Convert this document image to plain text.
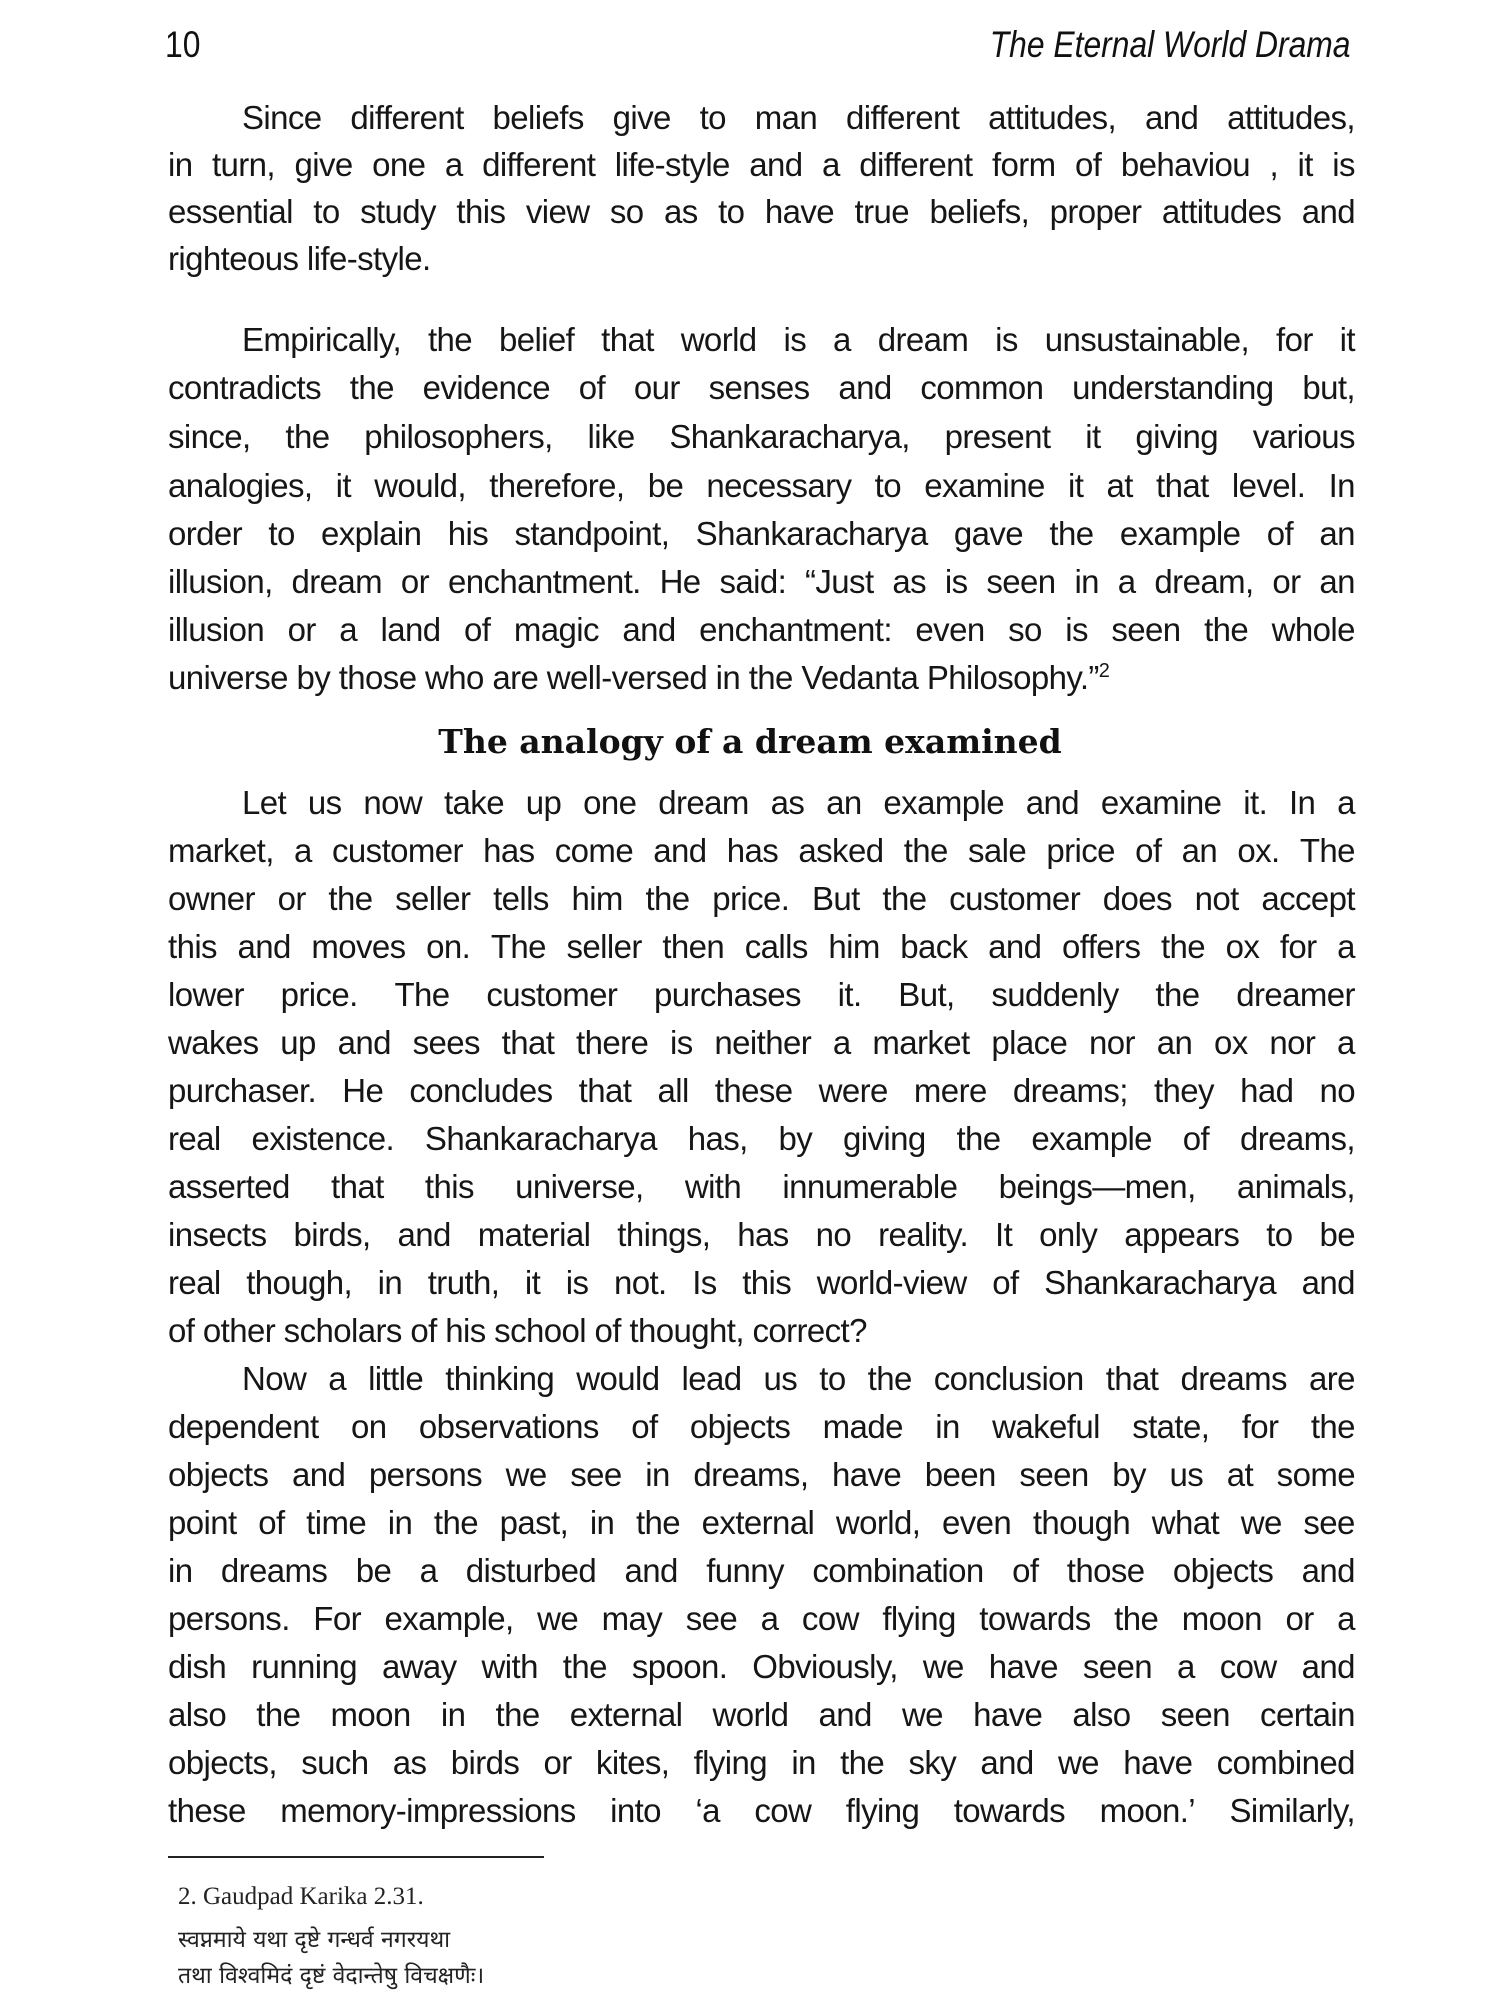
10	The Eternal World Drama
Since different beliefs give to man different attitudes, and attitudes,
in turn, give one a different life-style and a different form of behaviou , it is
essential to study this view so as to have true beliefs, proper attitudes and
righteous life-style.
Empirically, the belief that world is a dream is unsustainable, for it
contradicts the evidence of our senses and common understanding but,
since, the philosophers, like Shankaracharya, present it giving various
analogies, it would, therefore, be necessary to examine it at that level. In
order to explain his standpoint, Shankaracharya gave the example of an
illusion, dream or enchantment. He said: “Just as is seen in a dream, or an
illusion or a land of magic and enchantment: even so is seen the whole
universe by those who are well-versed in the Vedanta Philosophy.”$^2$
The analogy of a dream examined
Let us now take up one dream as an example and examine it. In a
market, a customer has come and has asked the sale price of an ox. The
owner or the seller tells him the price. But the customer does not accept
this and moves on. The seller then calls him back and offers the ox for a
lower price. The customer purchases it. But, suddenly the dreamer
wakes up and sees that there is neither a market place nor an ox nor a
purchaser. He concludes that all these were mere dreams; they had no
real existence. Shankaracharya has, by giving the example of dreams,
asserted that this universe, with innumerable beings—men, animals,
insects birds, and material things, has no reality. It only appears to be
real though, in truth, it is not. Is this world-view of Shankaracharya and
of other scholars of his school of thought, correct?
Now a little thinking would lead us to the conclusion that dreams are
dependent on observations of objects made in wakeful state, for the
objects and persons we see in dreams, have been seen by us at some
point of time in the past, in the external world, even though what we see
in dreams be a disturbed and funny combination of those objects and
persons. For example, we may see a cow flying towards the moon or a
dish running away with the spoon. Obviously, we have seen a cow and
also the moon in the external world and we have also seen certain
objects, such as birds or kites, flying in the sky and we have combined
these memory-impressions into ‘a cow flying towards moon.’ Similarly,
2. Gaudpad Karika 2.31.
स्वप्नमाये यथा दृष्टे गन्धर्व नगरयथा
तथा विश्वमिदं दृष्टं वेदान्तेषु विचक्षणैः।
